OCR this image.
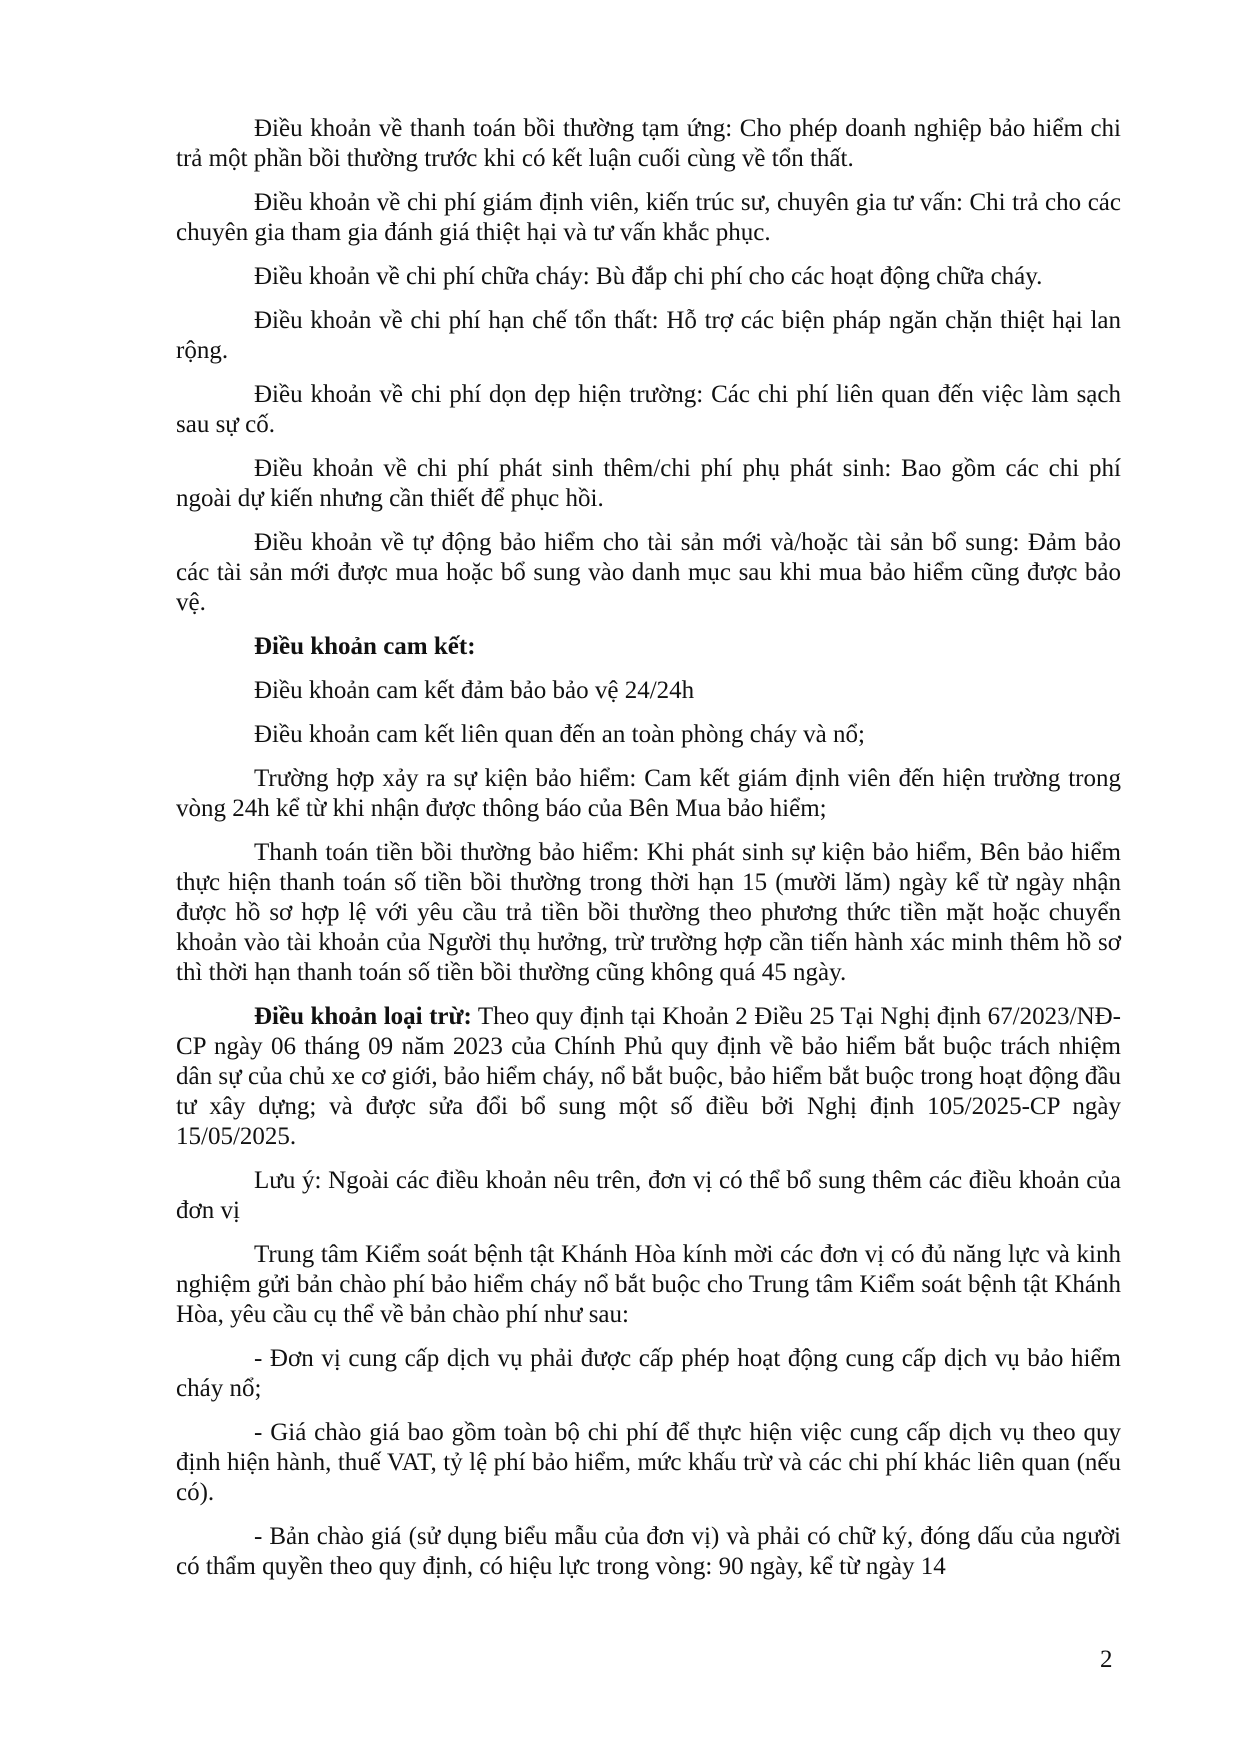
Điều khoản về thanh toán bồi thường tạm ứng: Cho phép doanh nghiệp bảo hiểm chi trả một phần bồi thường trước khi có kết luận cuối cùng về tổn thất.

Điều khoản về chi phí giám định viên, kiến trúc sư, chuyên gia tư vấn: Chi trả cho các chuyên gia tham gia đánh giá thiệt hại và tư vấn khắc phục.

Điều khoản về chi phí chữa cháy: Bù đắp chi phí cho các hoạt động chữa cháy.

Điều khoản về chi phí hạn chế tổn thất: Hỗ trợ các biện pháp ngăn chặn thiệt hại lan rộng.

Điều khoản về chi phí dọn dẹp hiện trường: Các chi phí liên quan đến việc làm sạch sau sự cố.

Điều khoản về chi phí phát sinh thêm/chi phí phụ phát sinh: Bao gồm các chi phí ngoài dự kiến nhưng cần thiết để phục hồi.

Điều khoản về tự động bảo hiểm cho tài sản mới và/hoặc tài sản bổ sung: Đảm bảo các tài sản mới được mua hoặc bổ sung vào danh mục sau khi mua bảo hiểm cũng được bảo vệ.

Điều khoản cam kết:

Điều khoản cam kết đảm bảo bảo vệ 24/24h

Điều khoản cam kết liên quan đến an toàn phòng cháy và nổ;

Trường hợp xảy ra sự kiện bảo hiểm: Cam kết giám định viên đến hiện trường trong vòng 24h kể từ khi nhận được thông báo của Bên Mua bảo hiểm;

Thanh toán tiền bồi thường bảo hiểm: Khi phát sinh sự kiện bảo hiểm, Bên bảo hiểm thực hiện thanh toán số tiền bồi thường trong thời hạn 15 (mười lăm) ngày kể từ ngày nhận được hồ sơ hợp lệ với yêu cầu trả tiền bồi thường theo phương thức tiền mặt hoặc chuyển khoản vào tài khoản của Người thụ hưởng, trừ trường hợp cần tiến hành xác minh thêm hồ sơ thì thời hạn thanh toán số tiền bồi thường cũng không quá 45 ngày.

Điều khoản loại trừ: Theo quy định tại Khoản 2 Điều 25 Tại Nghị định 67/2023/NĐ-CP ngày 06 tháng 09 năm 2023 của Chính Phủ quy định về bảo hiểm bắt buộc trách nhiệm dân sự của chủ xe cơ giới, bảo hiểm cháy, nổ bắt buộc, bảo hiểm bắt buộc trong hoạt động đầu tư xây dựng; và được sửa đổi bổ sung một số điều bởi Nghị định 105/2025-CP ngày 15/05/2025.

Lưu ý: Ngoài các điều khoản nêu trên, đơn vị có thể bổ sung thêm các điều khoản của đơn vị

Trung tâm Kiểm soát bệnh tật Khánh Hòa kính mời các đơn vị có đủ năng lực và kinh nghiệm gửi bản chào phí bảo hiểm cháy nổ bắt buộc cho Trung tâm Kiểm soát bệnh tật Khánh Hòa, yêu cầu cụ thể về bản chào phí như sau:

- Đơn vị cung cấp dịch vụ phải được cấp phép hoạt động cung cấp dịch vụ bảo hiểm cháy nổ;

- Giá chào giá bao gồm toàn bộ chi phí để thực hiện việc cung cấp dịch vụ theo quy định hiện hành, thuế VAT, tỷ lệ phí bảo hiểm, mức khấu trừ và các chi phí khác liên quan (nếu có).

- Bản chào giá (sử dụng biểu mẫu của đơn vị) và phải có chữ ký, đóng dấu của người có thẩm quyền theo quy định, có hiệu lực trong vòng: 90 ngày, kể từ ngày 14

2
